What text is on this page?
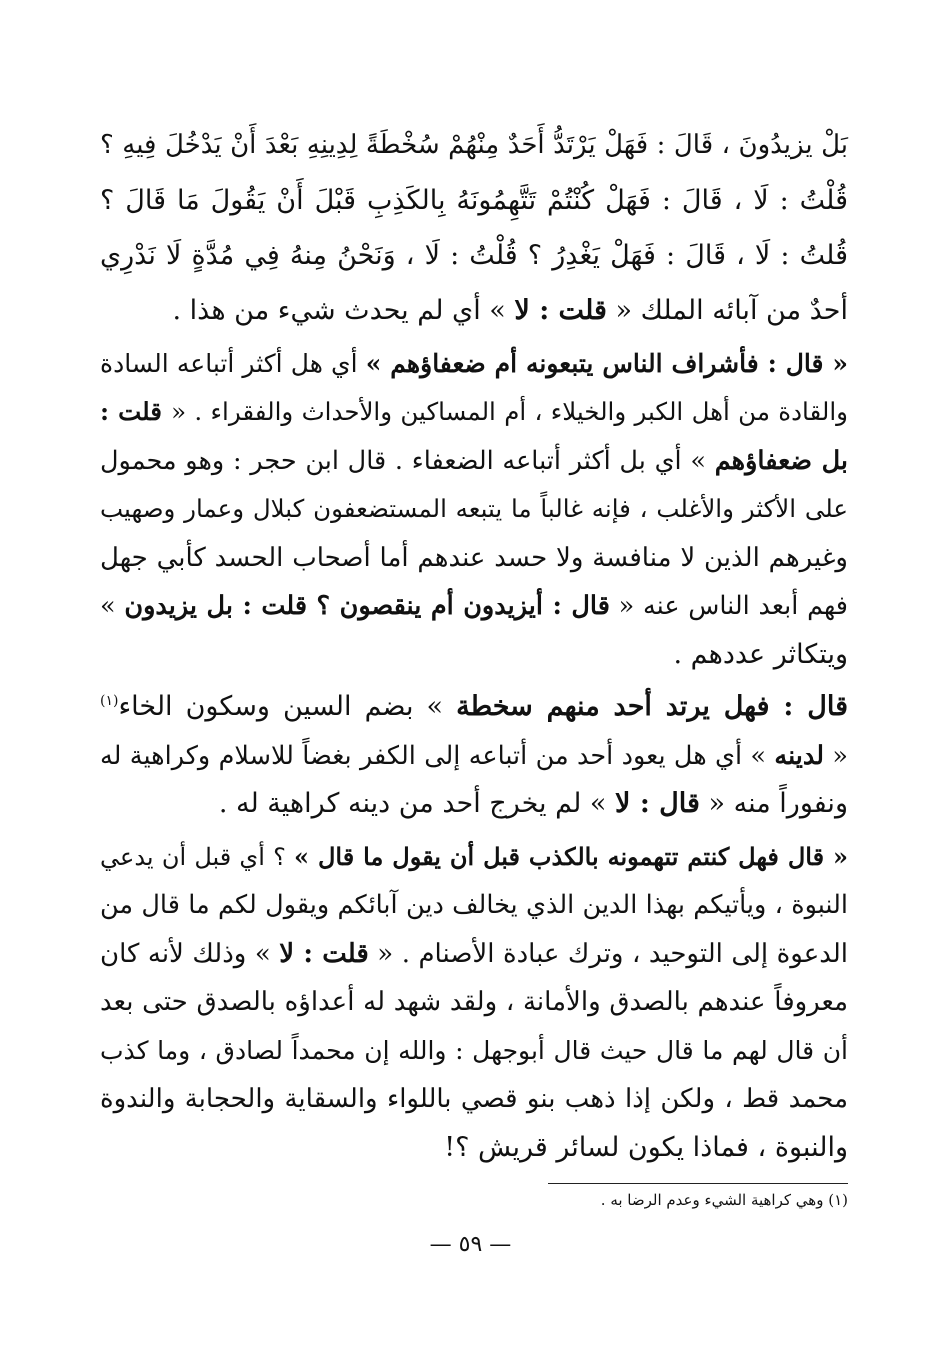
بَلْ يزيدُونَ ، قَالَ : فَهَلْ يَرْتَدُّ أَحَدٌ مِنْهُمْ سُخْطَةً لِدِينِهِ بَعْدَ أَنْ يَدْخُلَ فِيهِ ؟
قُلْتُ : لَا ، قَالَ : فَهَلْ كُنْتُمْ تَتَّهِمُونَهُ بِالكَذِبِ قَبْلَ أَنْ يَقُولَ مَا قَالَ ؟
قُلتُ : لَا ، قَالَ : فَهَلْ يَغْدِرُ ؟ قُلْتُ : لَا ، وَنَحْنُ مِنهُ فِي مُدَّةٍ لَا نَدْرِي

أحدٌ من آبائه الملك « قلت : لا » أي لم يحدث شيء من هذا .

« قال : فأشراف الناس يتبعونه أم ضعفاؤهم » أي هل أكثر أتباعه السادة
والقادة من أهل الكبر والخيلاء ، أم المساكين والأحداث والفقراء . « قلت :
بل ضعفاؤهم » أي بل أكثر أتباعه الضعفاء . قال ابن حجر : وهو محمول
على الأكثر والأغلب ، فإنه غالباً ما يتبعه المستضعفون كبلال وعمار وصهيب
وغيرهم الذين لا منافسة ولا حسد عندهم أما أصحاب الحسد كأبي جهل
فهم أبعد الناس عنه « قال : أيزيدون أم ينقصون ؟ قلت : بل يزيدون »
ويتكاثر عددهم .

قال : فهل يرتد أحد منهم سخطة » بضم السين وسكون الخاء$^{(١)}$
« لدينه » أي هل يعود أحد من أتباعه إلى الكفر بغضاً للاسلام وكراهية له
ونفوراً منه « قال : لا » لم يخرج أحد من دينه كراهية له .

« قال فهل كنتم تتهمونه بالكذب قبل أن يقول ما قال » ؟ أي قبل أن يدعي
النبوة ، ويأتيكم بهذا الدين الذي يخالف دين آبائكم ويقول لكم ما قال من
الدعوة إلى التوحيد ، وترك عبادة الأصنام . « قلت : لا » وذلك لأنه كان
معروفاً عندهم بالصدق والأمانة ، ولقد شهد له أعداؤه بالصدق حتى بعد
أن قال لهم ما قال حيث قال أبوجهل : والله إن محمداً لصادق ، وما كذب
محمد قط ، ولكن إذا ذهب بنو قصي باللواء والسقاية والحجابة والندوة
والنبوة ، فماذا يكون لسائر قريش ؟!

(١) وهي كراهية الشيء وعدم الرضا به .
— ٥٩ —
